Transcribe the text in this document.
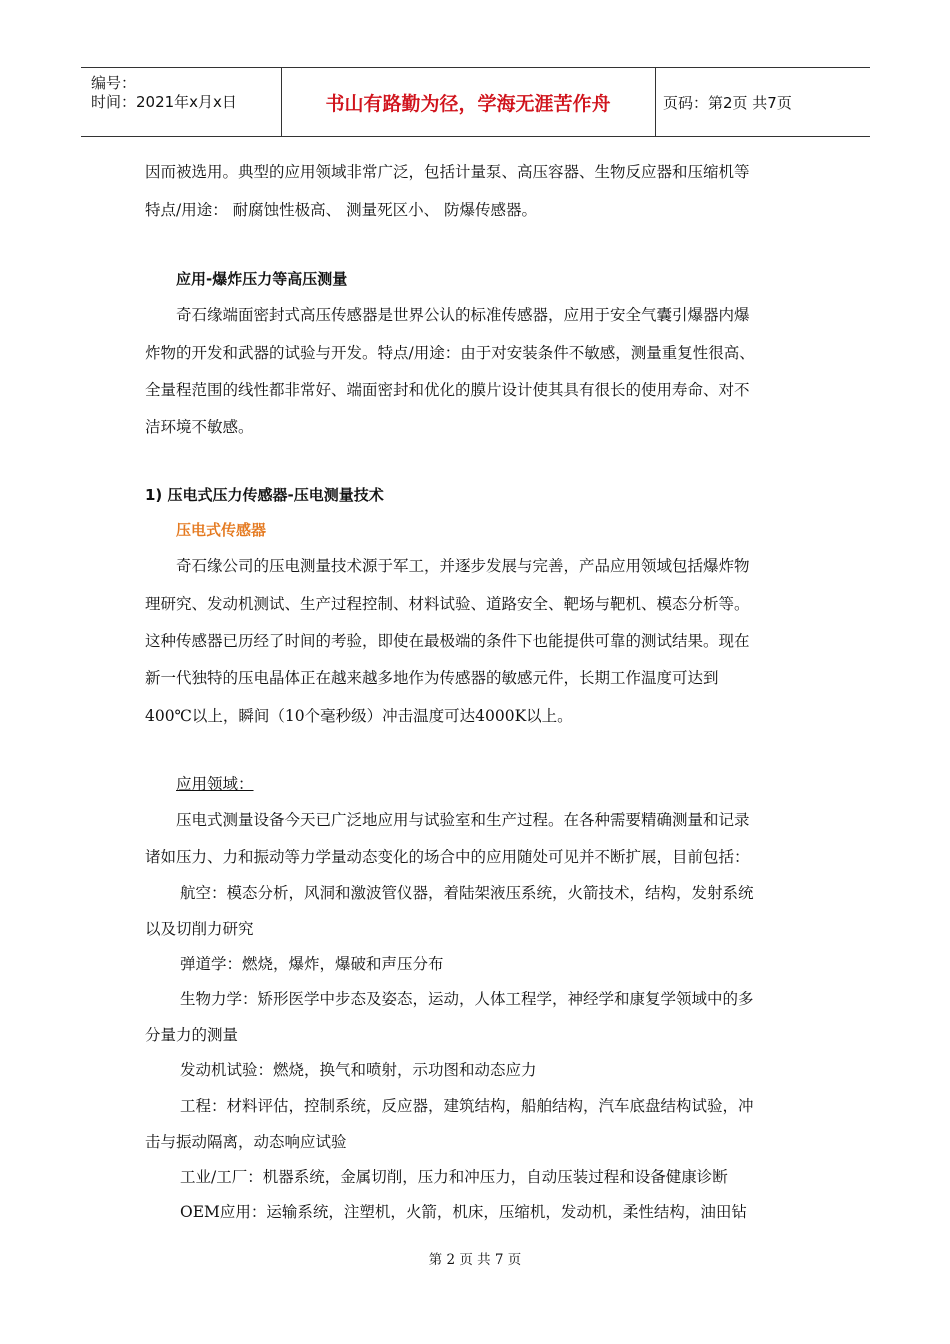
编号：
时间：2021年x月x日	书山有路勤为径，学海无涯苦作舟	页码：第2页 共7页
因而被选用。典型的应用领域非常广泛，包括计量泵、高压容器、生物反应器和压缩机等
特点/用途： 耐腐蚀性极高、 测量死区小、 防爆传感器。
应用-爆炸压力等高压测量
奇石缘端面密封式高压传感器是世界公认的标准传感器，应用于安全气囊引爆器内爆
炸物的开发和武器的试验与开发。特点/用途：由于对安装条件不敏感，测量重复性很高、
全量程范围的线性都非常好、端面密封和优化的膜片设计使其具有很长的使用寿命、对不
洁环境不敏感。
1) 压电式压力传感器-压电测量技术
压电式传感器
奇石缘公司的压电测量技术源于军工，并逐步发展与完善，产品应用领域包括爆炸物
理研究、发动机测试、生产过程控制、材料试验、道路安全、靶场与靶机、模态分析等。
这种传感器已历经了时间的考验，即使在最极端的条件下也能提供可靠的测试结果。现在
新一代独特的压电晶体正在越来越多地作为传感器的敏感元件，长期工作温度可达到
400℃以上，瞬间（10个毫秒级）冲击温度可达4000K以上。
应用领域：
压电式测量设备今天已广泛地应用与试验室和生产过程。在各种需要精确测量和记录
诸如压力、力和振动等力学量动态变化的场合中的应用随处可见并不断扩展，目前包括：
航空：模态分析，风洞和激波管仪器，着陆架液压系统，火箭技术，结构，发射系统
以及切削力研究
弹道学：燃烧，爆炸，爆破和声压分布
生物力学：矫形医学中步态及姿态，运动，人体工程学，神经学和康复学领域中的多
分量力的测量
发动机试验：燃烧，换气和喷射，示功图和动态应力
工程：材料评估，控制系统，反应器，建筑结构，船舶结构，汽车底盘结构试验，冲
击与振动隔离，动态响应试验
工业/工厂：机器系统，金属切削，压力和冲压力，自动压装过程和设备健康诊断
OEM应用：运输系统，注塑机，火箭，机床，压缩机，发动机，柔性结构，油田钻
第 2 页 共 7 页
